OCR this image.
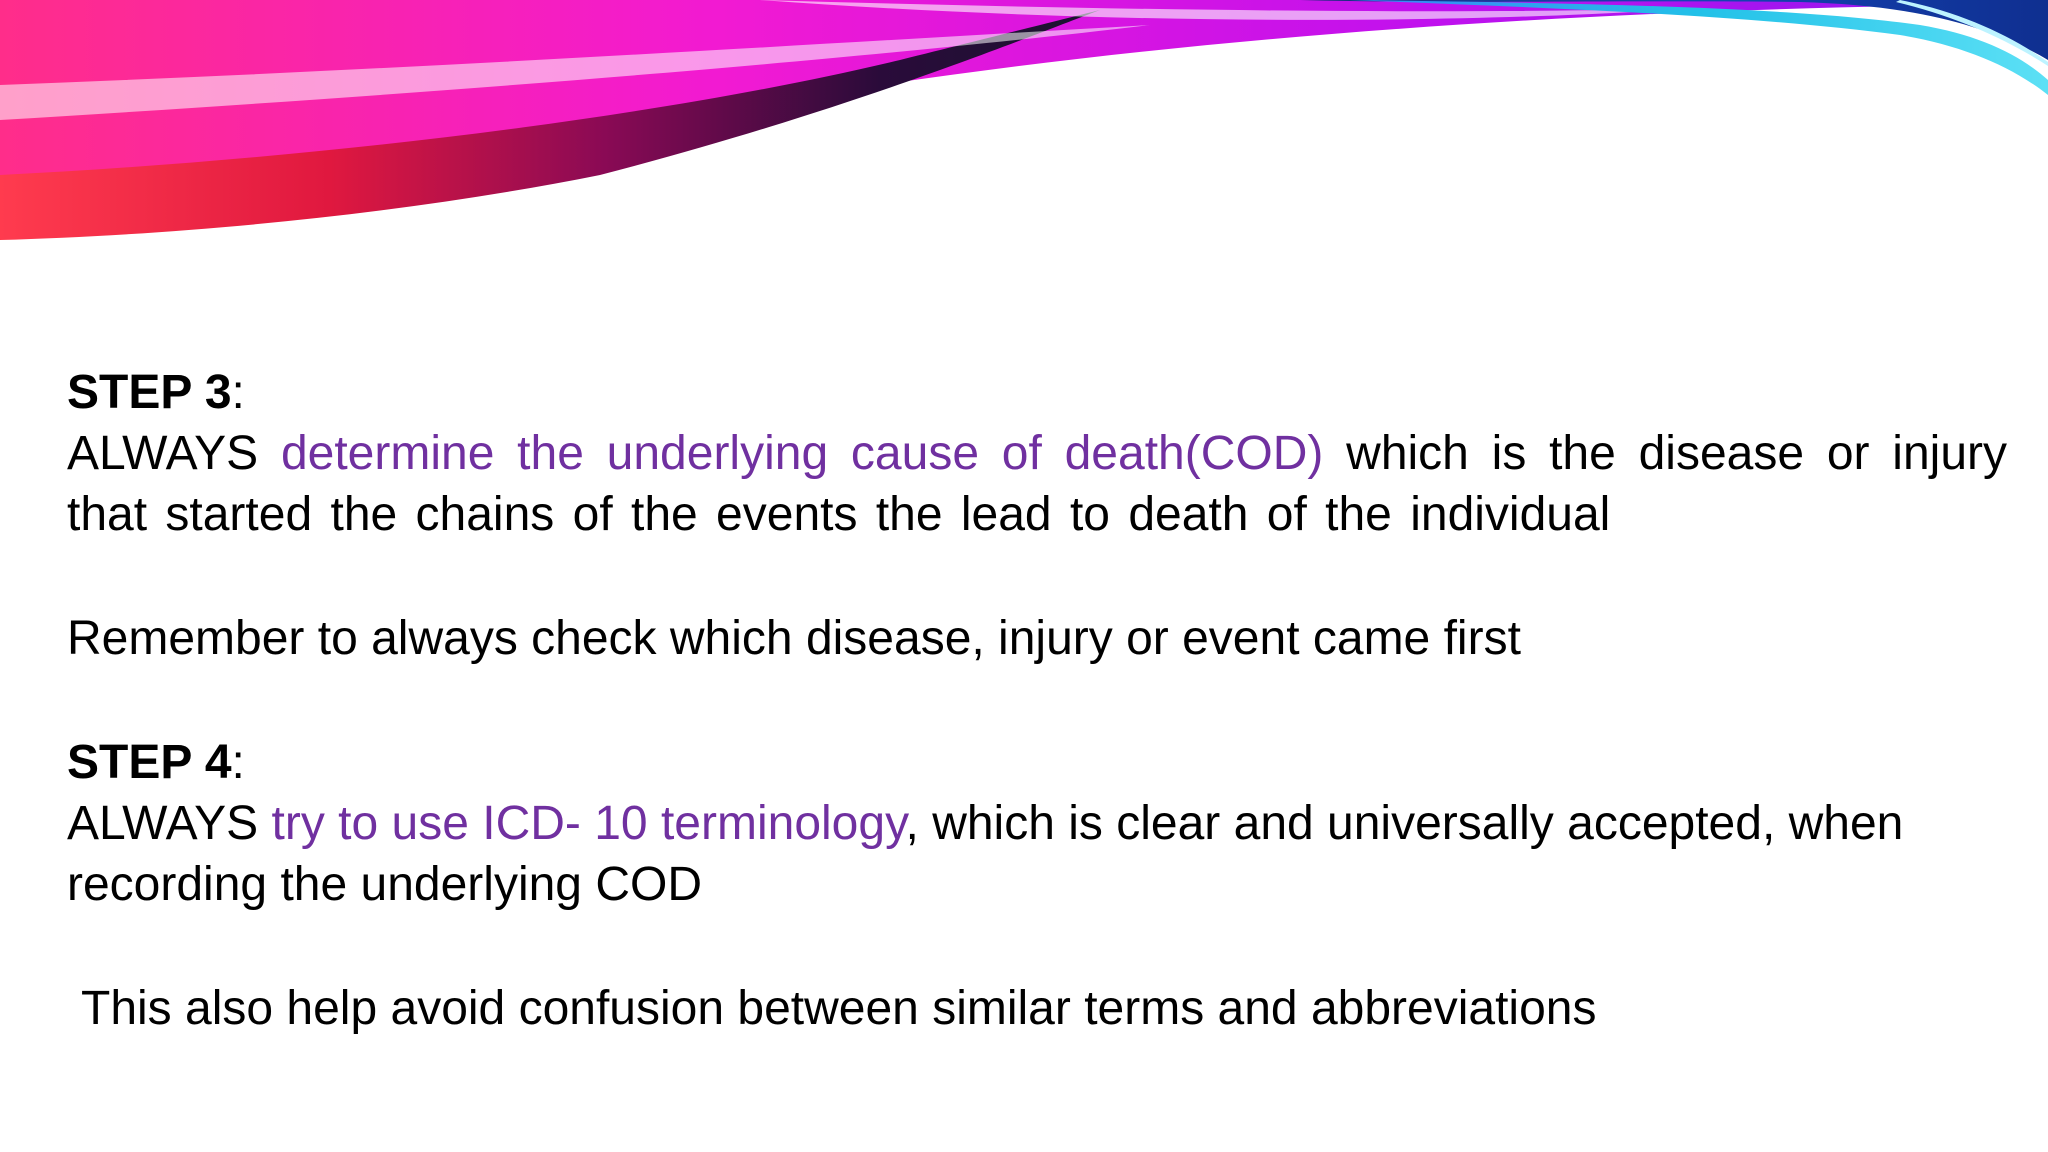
STEP 3:

ALWAYS determine the underlying cause of death(COD) which is the disease or injury that started the chains of the events the lead to death of the individual

Remember to always check which disease, injury or event came first

STEP 4:

ALWAYS try to use ICD- 10 terminology, which is clear and universally accepted, when recording the underlying COD

This also help avoid confusion between similar terms and abbreviations
